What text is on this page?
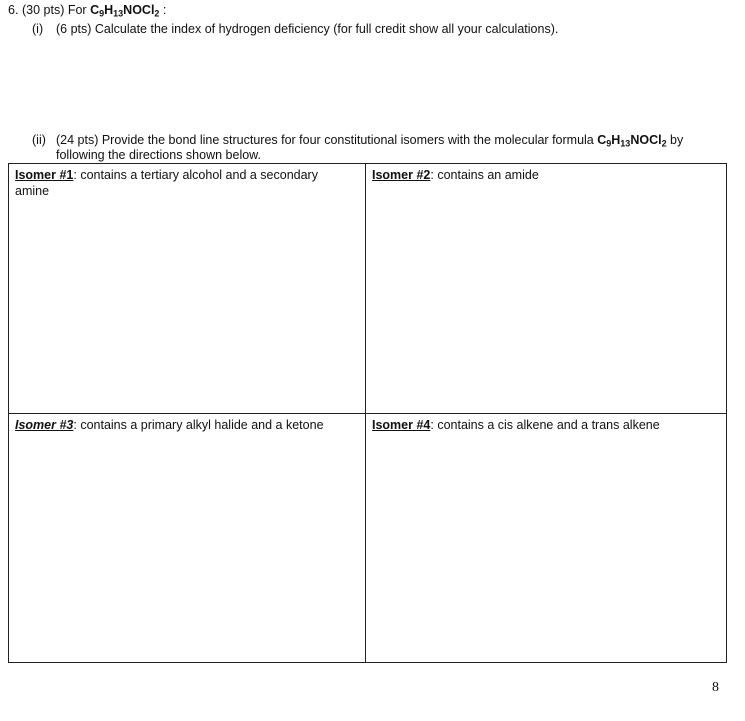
6. (30 pts) For $C_9H_{13}NOCl_2$ :
(i) (6 pts) Calculate the index of hydrogen deficiency (for full credit show all your calculations).
(ii) (24 pts) Provide the bond line structures for four constitutional isomers with the molecular formula $C_9H_{13}NOCl_2$ by
following the directions shown below.
Isomer #1: contains a tertiary alcohol and a secondary amine
Isomer #2: contains an amide
Isomer #3: contains a primary alkyl halide and a ketone	Isomer #4: contains a cis alkene and a trans alkene
8
